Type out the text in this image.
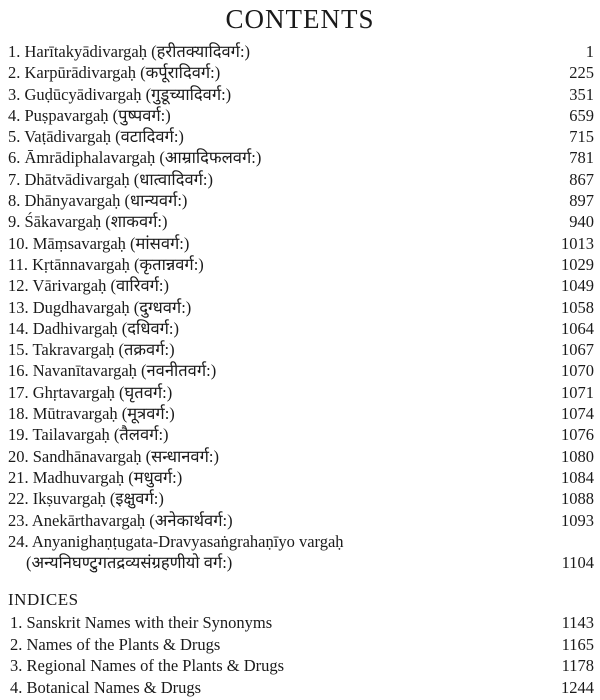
CONTENTS
1. Harītakyādivargaḥ (हरीतक्यादिवर्ग:)	1
2. Karpūrādivargaḥ (कर्पूरादिवर्ग:)	225
3. Guḍūcyādivargaḥ (गुडूच्यादिवर्ग:)	351
4. Puṣpavargaḥ (पुष्पवर्ग:)	659
5. Vaṭādivargaḥ (वटादिवर्ग:)	715
6. Āmrādiphalavargaḥ (आम्रादिफलवर्ग:)	781
7. Dhātvādivargaḥ (धात्वादिवर्ग:)	867
8. Dhānyavargaḥ (धान्यवर्ग:)	897
9. Śākavargaḥ (शाकवर्ग:)	940
10. Māṃsavargaḥ (मांसवर्ग:)	1013
11. Kṛtānnavargaḥ (कृतान्नवर्ग:)	1029
12. Vārivargaḥ (वारिवर्ग:)	1049
13. Dugdhavargaḥ (दुग्धवर्ग:)	1058
14. Dadhivargaḥ (दधिवर्ग:)	1064
15. Takravargaḥ (तक्रवर्ग:)	1067
16. Navanītavargaḥ (नवनीतवर्ग:)	1070
17. Ghṛtavargaḥ (घृतवर्ग:)	1071
18. Mūtravargaḥ (मूत्रवर्ग:)	1074
19. Tailavargaḥ (तैलवर्ग:)	1076
20. Sandhānavargaḥ (सन्धानवर्ग:)	1080
21. Madhuvargaḥ (मधुवर्ग:)	1084
22. Ikṣuvargaḥ (इक्षुवर्ग:)	1088
23. Anekārthavargaḥ (अनेकार्थवर्ग:)	1093
24. Anyanighaṇṭugata-Dravyasaṅgrahaṇīyo vargaḥ
(अन्यनिघण्टुगतद्रव्यसंग्रहणीयो वर्ग:)	1104
INDICES
1. Sanskrit Names with their Synonyms	1143
2. Names of the Plants & Drugs	1165
3. Regional Names of the Plants & Drugs	1178
4. Botanical Names & Drugs	1244
